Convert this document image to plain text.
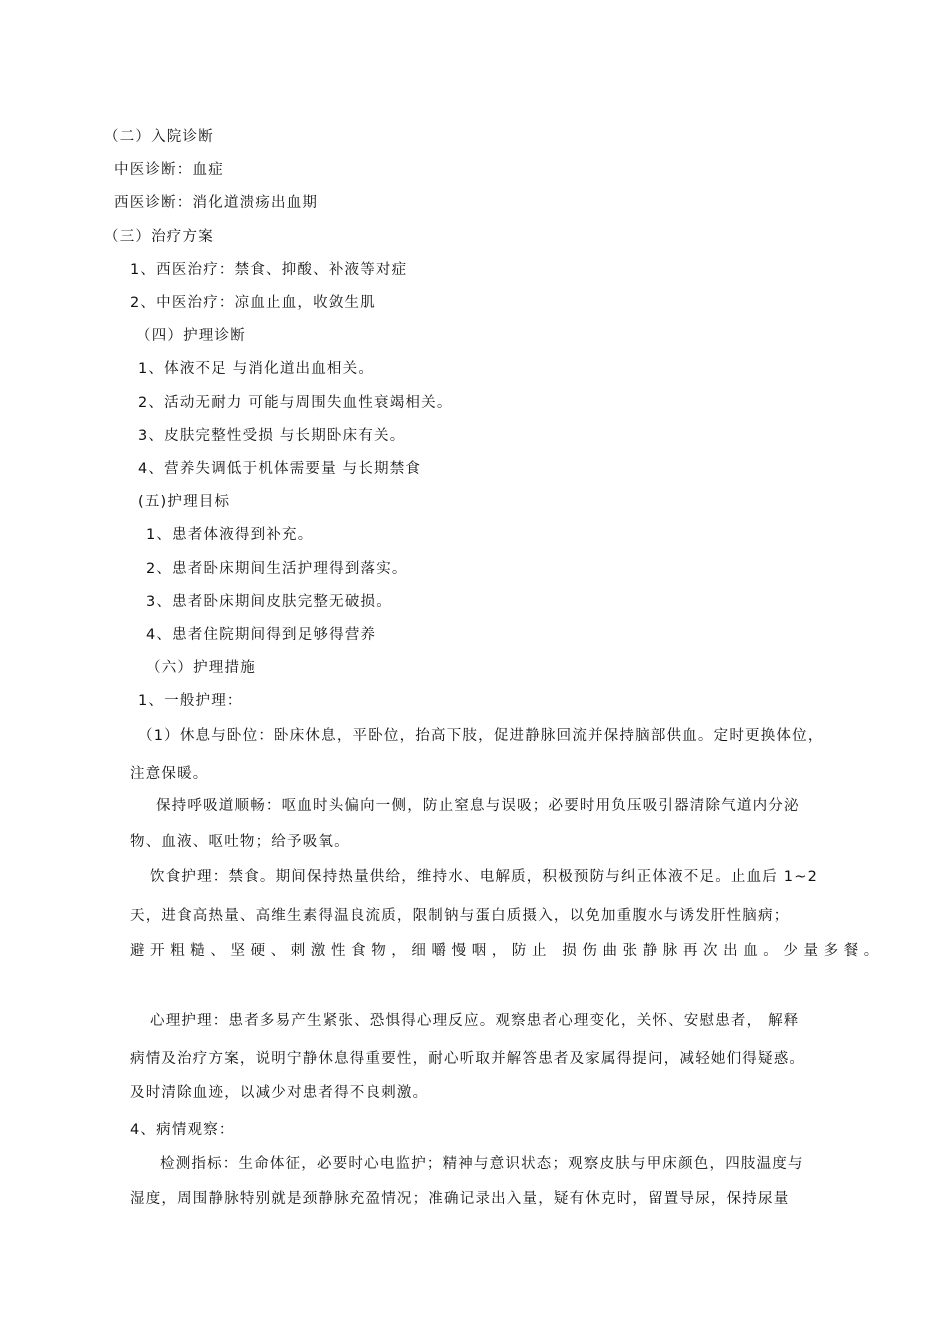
（二）入院诊断
中医诊断：血症
西医诊断：消化道溃疡出血期
（三）治疗方案
1、西医治疗：禁食、抑酸、补液等对症
2、中医治疗：凉血止血，收敛生肌
（四）护理诊断
1、体液不足 与消化道出血相关。
2、活动无耐力 可能与周围失血性衰竭相关。
3、皮肤完整性受损 与长期卧床有关。
4、营养失调低于机体需要量 与长期禁食
(五)护理目标
1、患者体液得到补充。
2、患者卧床期间生活护理得到落实。
3、患者卧床期间皮肤完整无破损。
4、患者住院期间得到足够得营养
（六）护理措施
1、一般护理：
（1）休息与卧位：卧床休息，平卧位，抬高下肢，促进静脉回流并保持脑部供血。定时更换体位，
注意保暖。
保持呼吸道顺畅：呕血时头偏向一侧，防止窒息与误吸；必要时用负压吸引器清除气道内分泌
物、血液、呕吐物；给予吸氧。
饮食护理：禁食。期间保持热量供给，维持水、电解质，积极预防与纠正体液不足。止血后 1~2
天，进食高热量、高维生素得温良流质，限制钠与蛋白质摄入，以免加重腹水与诱发肝性脑病；
避开粗糙、坚硬、刺激性食物，细嚼慢咽，防止 损伤曲张静脉再次出血。少量多餐。
心理护理：患者多易产生紧张、恐惧得心理反应。观察患者心理变化，关怀、安慰患者， 解释
病情及治疗方案，说明宁静休息得重要性，耐心听取并解答患者及家属得提问，减轻她们得疑惑。
及时清除血迹，以减少对患者得不良刺激。
4、病情观察：
检测指标：生命体征，必要时心电监护；精神与意识状态；观察皮肤与甲床颜色，四肢温度与
湿度，周围静脉特别就是颈静脉充盈情况；准确记录出入量，疑有休克时，留置导尿，保持尿量
